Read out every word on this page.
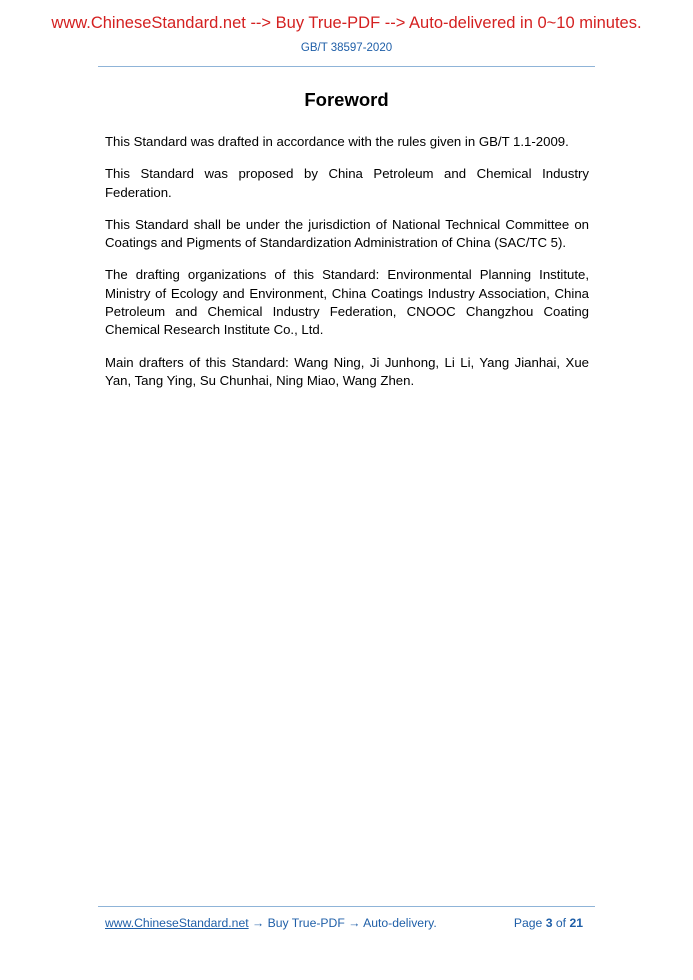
www.ChineseStandard.net --> Buy True-PDF --> Auto-delivered in 0~10 minutes.
GB/T 38597-2020
Foreword

This Standard was drafted in accordance with the rules given in GB/T 1.1-2009.

This Standard was proposed by China Petroleum and Chemical Industry Federation.

This Standard shall be under the jurisdiction of National Technical Committee on Coatings and Pigments of Standardization Administration of China (SAC/TC 5).

The drafting organizations of this Standard: Environmental Planning Institute, Ministry of Ecology and Environment, China Coatings Industry Association, China Petroleum and Chemical Industry Federation, CNOOC Changzhou Coating Chemical Research Institute Co., Ltd.

Main drafters of this Standard: Wang Ning, Ji Junhong, Li Li, Yang Jianhai, Xue Yan, Tang Ying, Su Chunhai, Ning Miao, Wang Zhen.

www.ChineseStandard.net → Buy True-PDF → Auto-delivery.	Page 3 of 21
